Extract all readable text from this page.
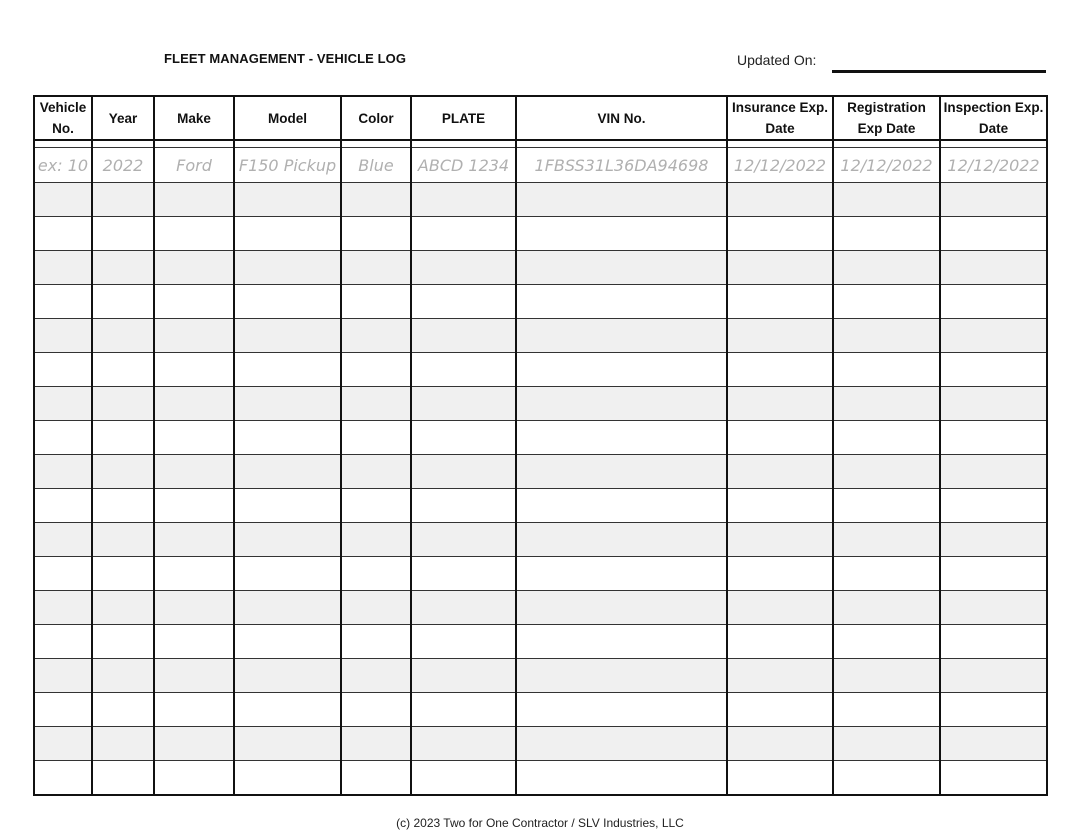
FLEET MANAGEMENT - VEHICLE LOG	Updated On:
Vehicle No.	Year	Make	Model	Color	PLATE	VIN No.	Insurance Exp. Date	Registration Exp Date	Inspection Exp. Date

ex: 10	2022	Ford	F150 Pickup	Blue	ABCD 1234	1FBSS31L36DA94698	12/12/2022	12/12/2022	12/12/2022

(c) 2023 Two for One Contractor / SLV Industries, LLC
